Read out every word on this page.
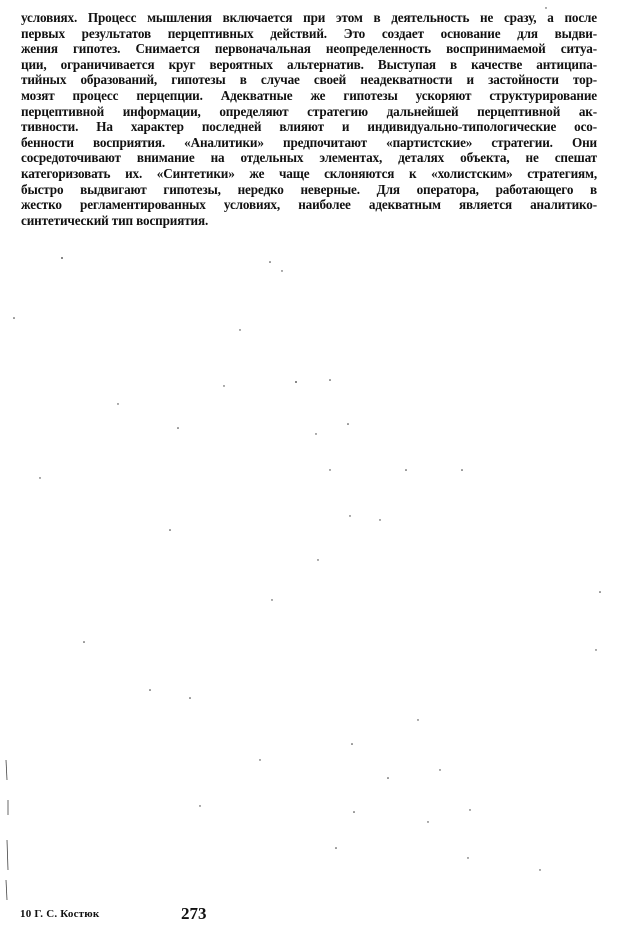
условиях. Процесс мышления включается при этом в деятельность не сразу, а после
первых результатов перцептивных действий. Это создает основание для выдви-
жения гипотез. Снимается первоначальная неопределенность воспринимаемой ситуа-
ции, ограничивается круг вероятных альтернатив. Выступая в качестве антиципа-
тийных образований, гипотезы в случае своей неадекватности и застойности тор-
мозят процесс перцепции. Адекватные же гипотезы ускоряют структурирование
перцептивной информации, определяют стратегию дальнейшей перцептивной ак-
тивности. На характер последней влияют и индивидуально-типологические осо-
бенности восприятия. «Аналитики» предпочитают «партистские» стратегии. Они
сосредоточивают внимание на отдельных элементах, деталях объекта, не спешат
категоризовать их. «Синтетики» же чаще склоняются к «холистским» стратегиям,
быстро выдвигают гипотезы, нередко неверные. Для оператора, работающего в
жестко регламентированных условиях, наиболее адекватным является аналитико-
синтетический тип восприятия.
10 Г. С. Костюк	273
